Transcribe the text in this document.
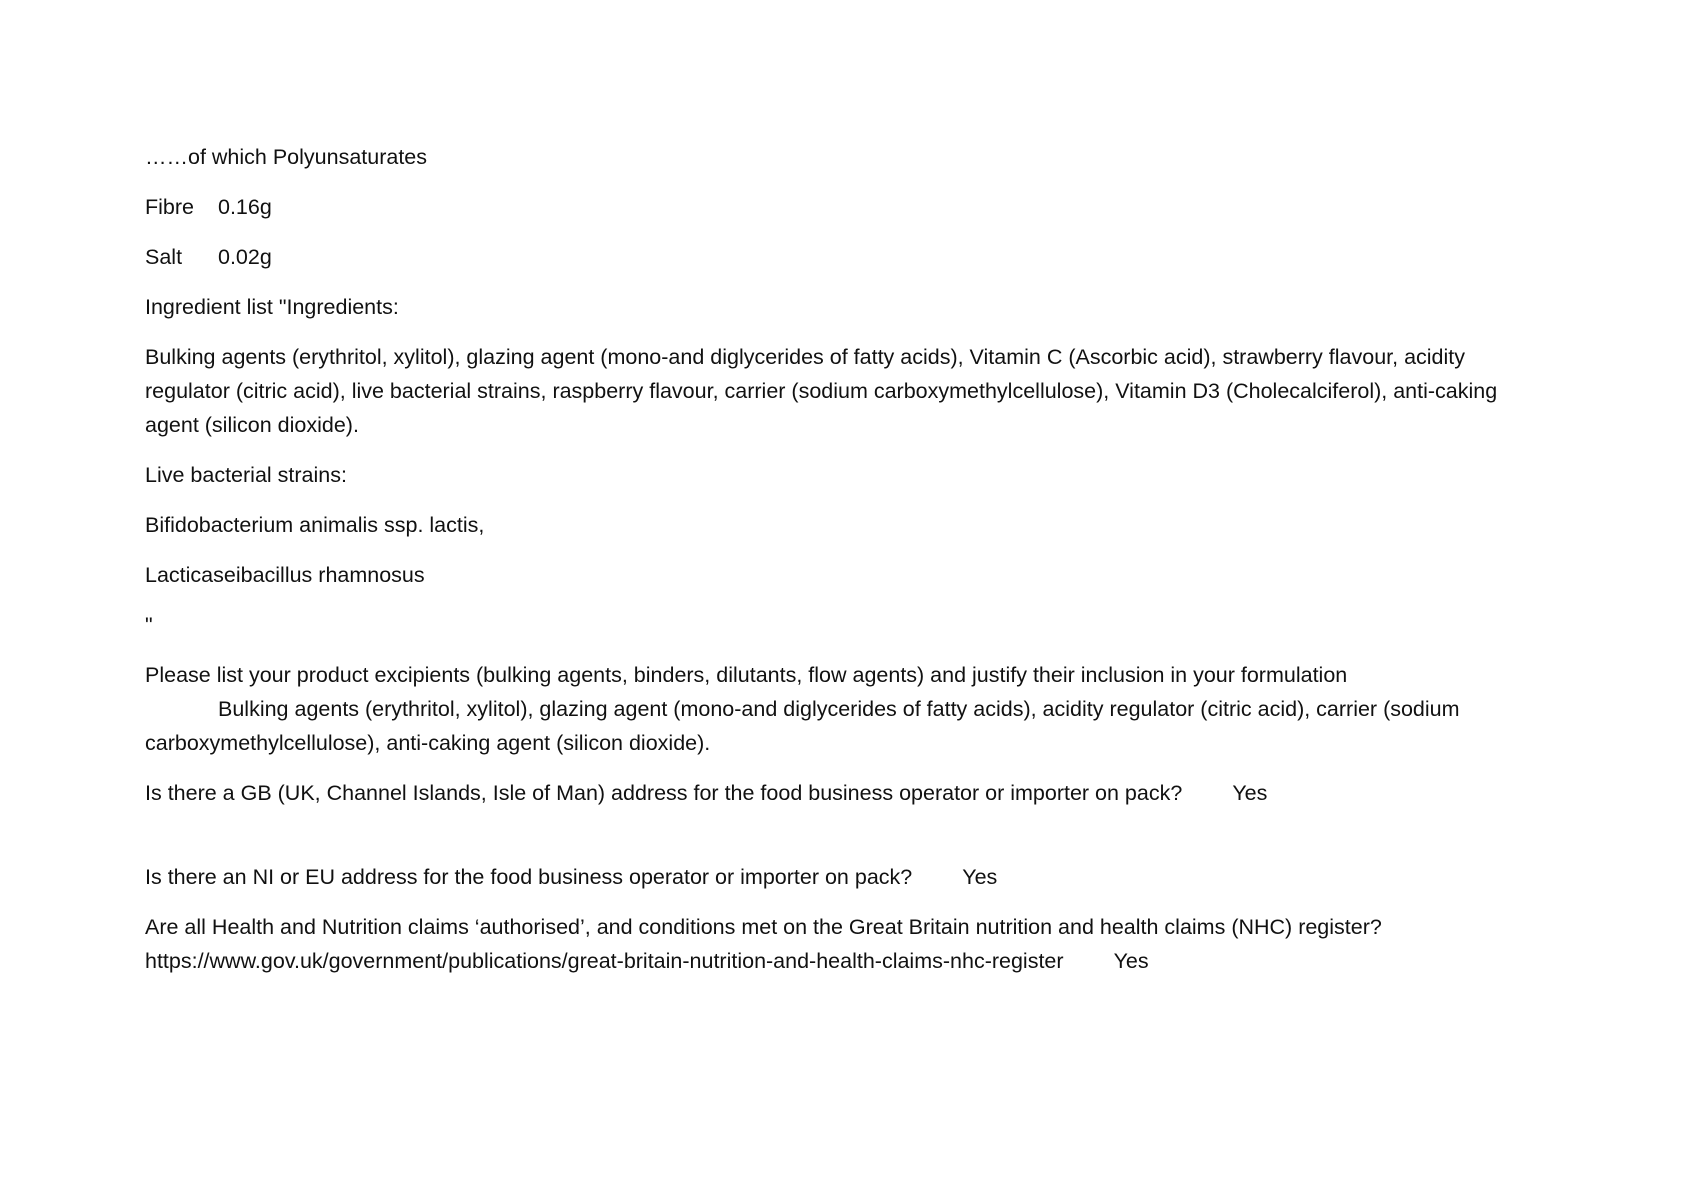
……of which Polyunsaturates

Fibre	0.16g
Salt	0.02g

Ingredient list "Ingredients:

Bulking agents (erythritol, xylitol), glazing agent (mono-and diglycerides of fatty acids), Vitamin C (Ascorbic acid), strawberry flavour, acidity regulator (citric acid), live bacterial strains, raspberry flavour, carrier (sodium carboxymethylcellulose), Vitamin D3 (Cholecalciferol), anti-caking agent (silicon dioxide).

Live bacterial strains:

Bifidobacterium animalis ssp. lactis,

Lacticaseibacillus rhamnosus

"

Please list your product excipients (bulking agents, binders, dilutants, flow agents) and justify their inclusion in your formulation
Bulking agents (erythritol, xylitol), glazing agent (mono-and diglycerides of fatty acids), acidity regulator (citric acid), carrier (sodium carboxymethylcellulose), anti-caking agent (silicon dioxide).
Is there a GB (UK, Channel Islands, Isle of Man) address for the food business operator or importer on pack? Yes
Is there an NI or EU address for the food business operator or importer on pack? Yes
Are all Health and Nutrition claims ‘authorised’, and conditions met on the Great Britain nutrition and health claims (NHC) register?
https://www.gov.uk/government/publications/great-britain-nutrition-and-health-claims-nhc-register Yes
